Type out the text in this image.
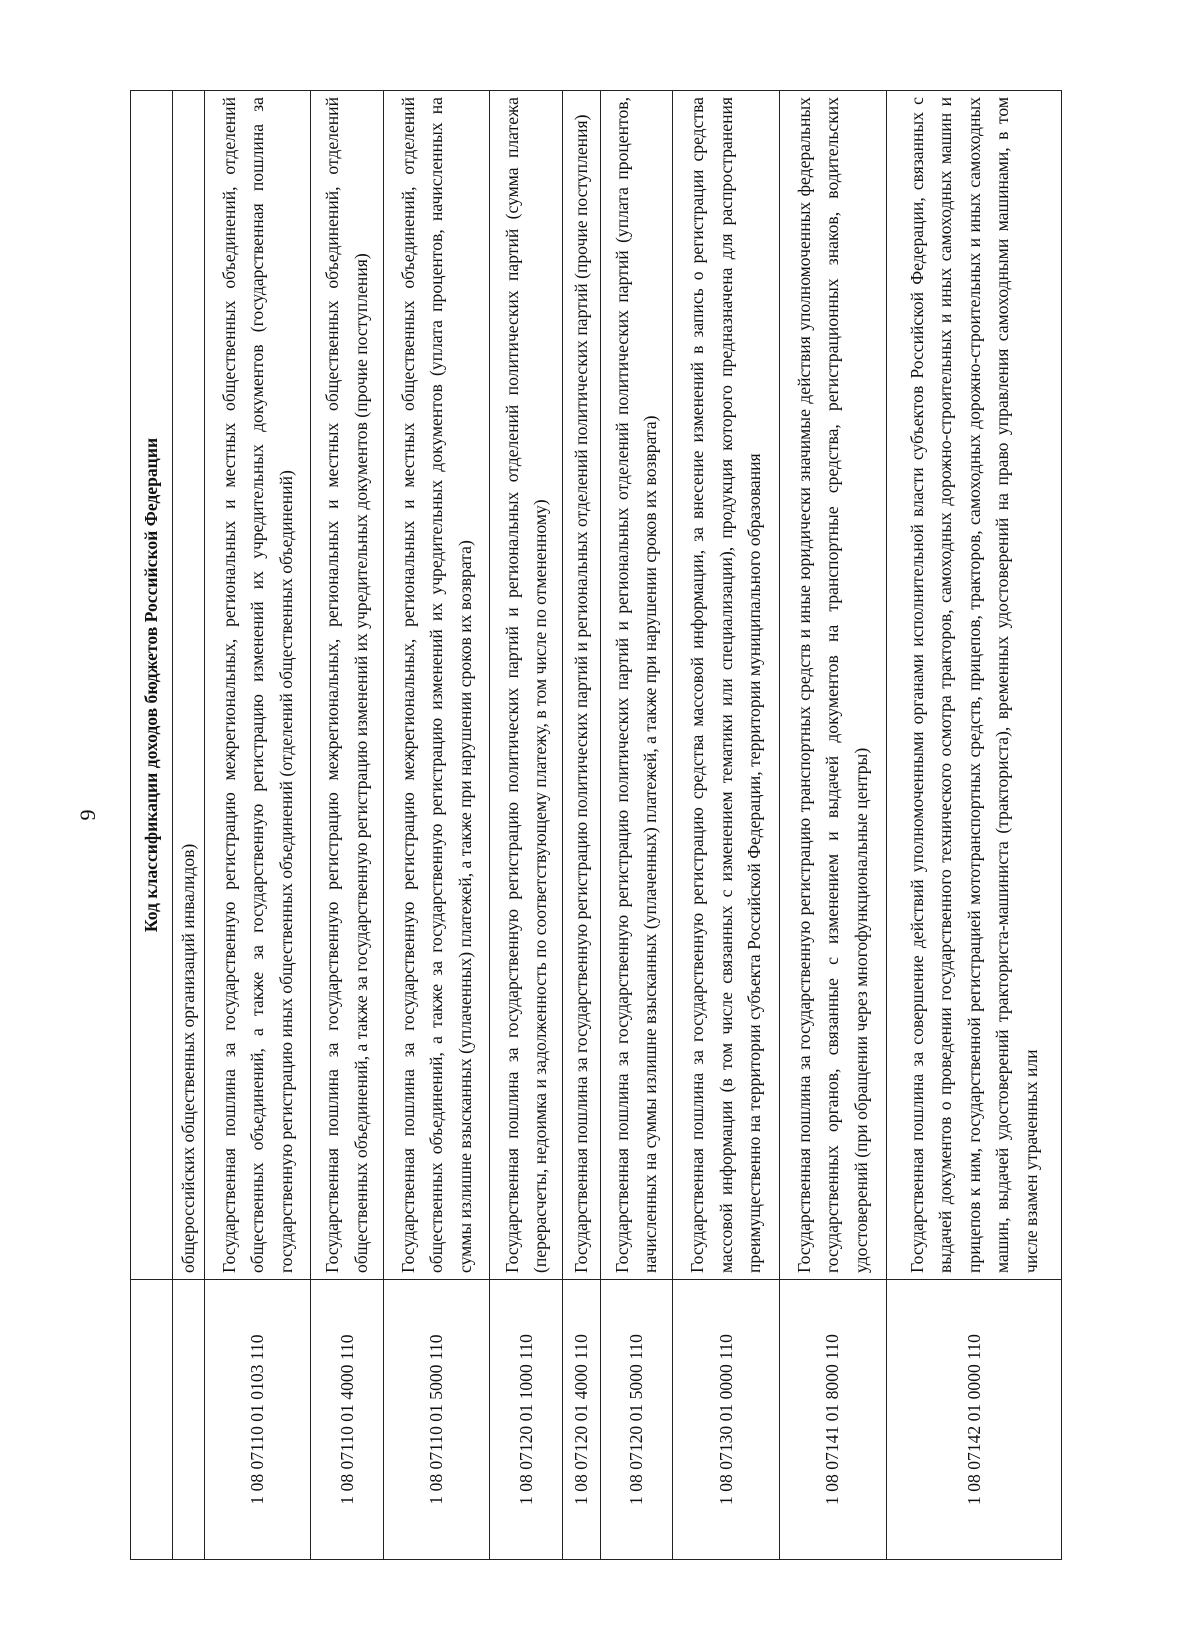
9
	Код классификации доходов бюджетов Российской Федерации
	общероссийских общественных организаций инвалидов)
1 08 07110 01 0103 110	Государственная пошлина за государственную регистрацию межрегиональных, региональных и местных общественных объединений, отделений общественных объединений, а также за государственную регистрацию изменений их учредительных документов (государственная пошлина за государственную регистрацию иных общественных объединений (отделений общественных объединений)
1 08 07110 01 4000 110	Государственная пошлина за государственную регистрацию межрегиональных, региональных и местных общественных объединений, отделений общественных объединений, а также за государственную регистрацию изменений их учредительных документов (прочие поступления)
1 08 07110 01 5000 110	Государственная пошлина за государственную регистрацию межрегиональных, региональных и местных общественных объединений, отделений общественных объединений, а также за государственную регистрацию изменений их учредительных документов (уплата процентов, начисленных на суммы излишне взысканных (уплаченных) платежей, а также при нарушении сроков их возврата)
1 08 07120 01 1000 110	Государственная пошлина за государственную регистрацию политических партий и региональных отделений политических партий (сумма платежа (перерасчеты, недоимка и задолженность по соответствующему платежу, в том числе по отмененному)
1 08 07120 01 4000 110	Государственная пошлина за государственную регистрацию политических партий и региональных отделений политических партий (прочие поступления)
1 08 07120 01 5000 110	Государственная пошлина за государственную регистрацию политических партий и региональных отделений политических партий (уплата процентов, начисленных на суммы излишне взысканных (уплаченных) платежей, а также при нарушении сроков их возврата)
1 08 07130 01 0000 110	Государственная пошлина за государственную регистрацию средства массовой информации, за внесение изменений в запись о регистрации средства массовой информации (в том числе связанных с изменением тематики или специализации), продукция которого предназначена для распространения преимущественно на территории субъекта Российской Федерации, территории муниципального образования
1 08 07141 01 8000 110	Государственная пошлина за государственную регистрацию транспортных средств и иные юридически значимые действия уполномоченных федеральных государственных органов, связанные с изменением и выдачей документов на транспортные средства, регистрационных знаков, водительских удостоверений (при обращении через многофункциональные центры)
1 08 07142 01 0000 110	Государственная пошлина за совершение действий уполномоченными органами исполнительной власти субъектов Российской Федерации, связанных с выдачей документов о проведении государственного технического осмотра тракторов, самоходных дорожно-строительных и иных самоходных машин и прицепов к ним, государственной регистрацией мототранспортных средств, прицепов, тракторов, самоходных дорожно-строительных и иных самоходных машин, выдачей удостоверений тракториста-машиниста (тракториста), временных удостоверений на право управления самоходными машинами, в том числе взамен утраченных или
